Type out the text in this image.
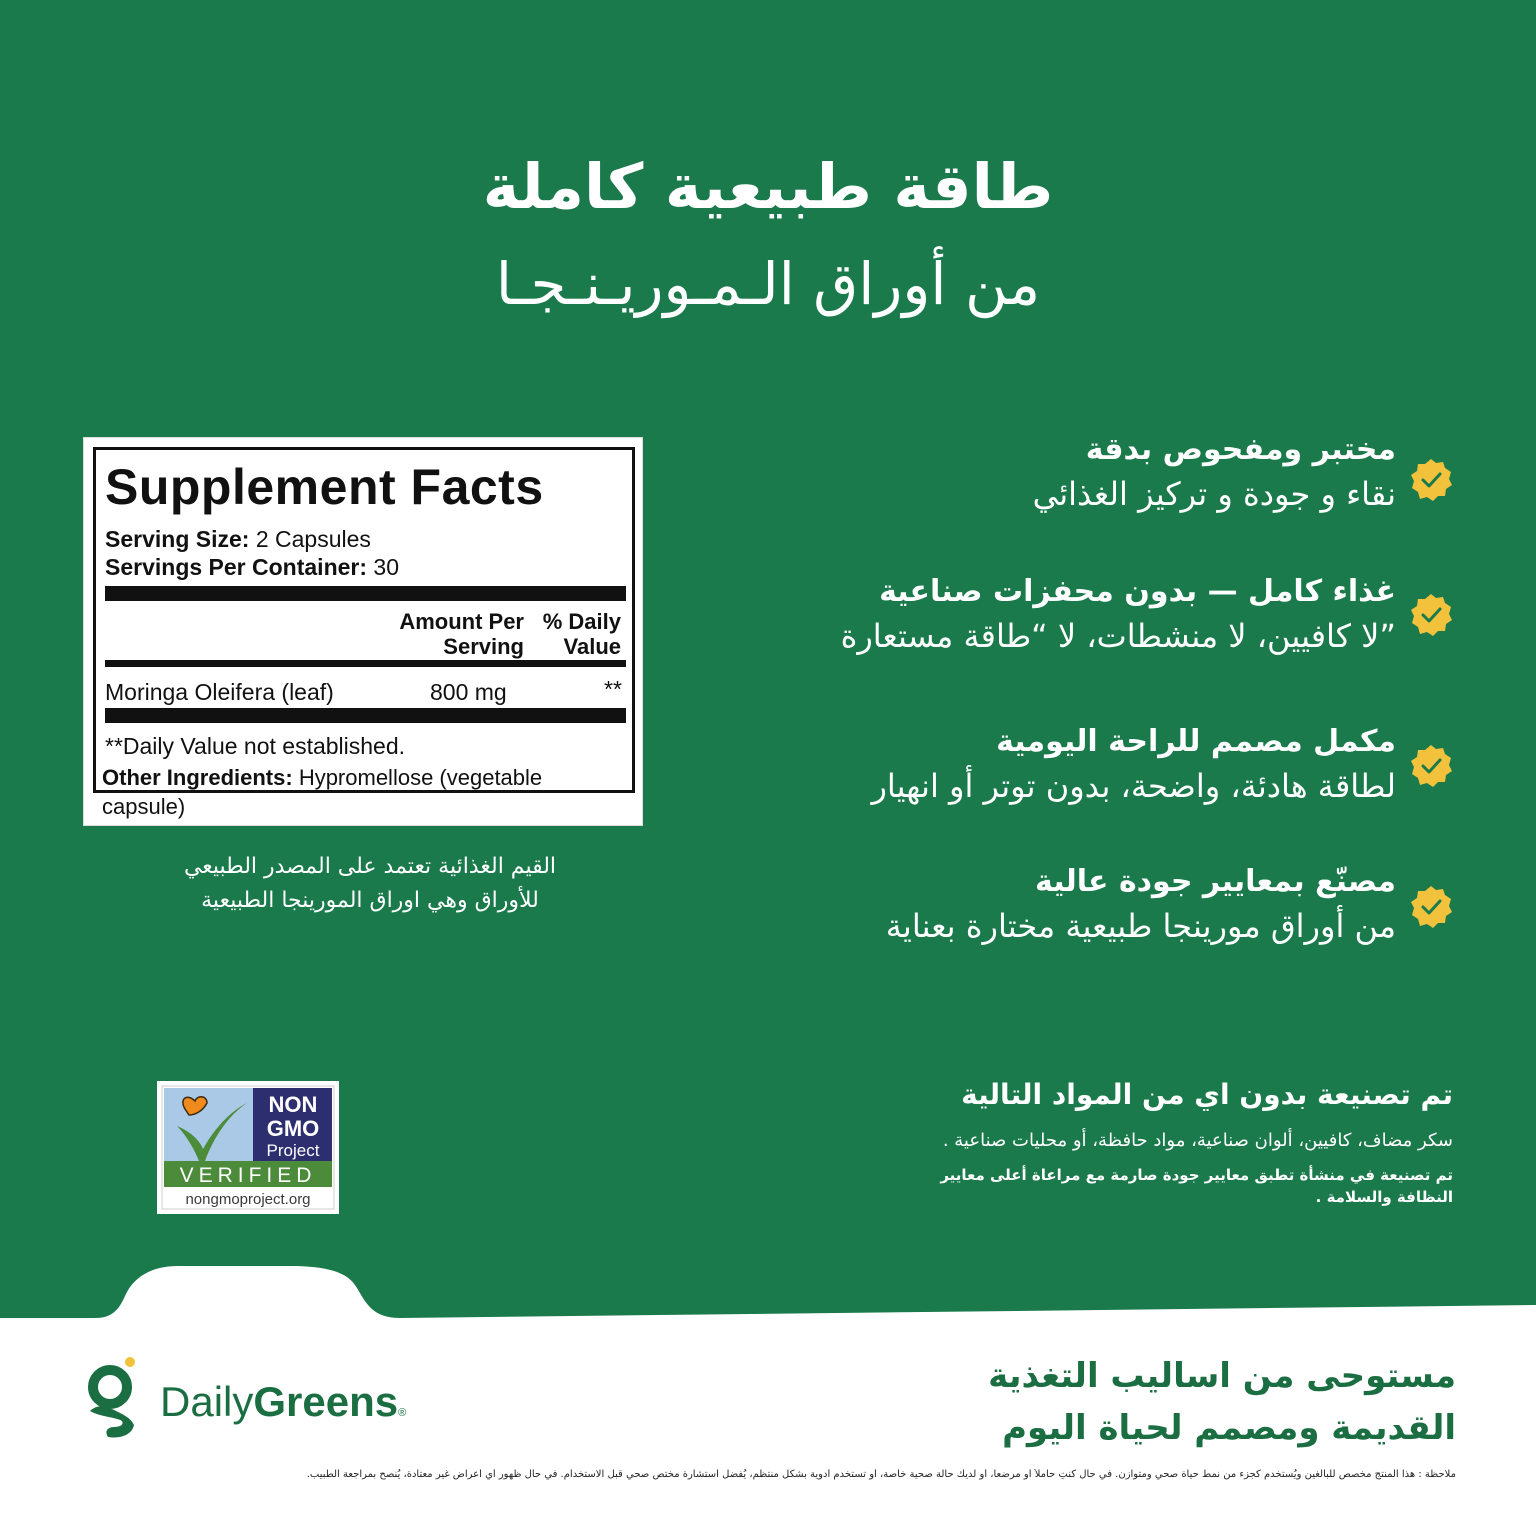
طاقة طبيعية كاملة
من أوراق الـمـوريـنـجـا
مختبر ومفحوص بدقة
نقاء و جودة و تركيز الغذائي
غذاء كامل — بدون محفزات صناعية
”لا كافيين، لا منشطات، لا “طاقة مستعارة
مكمل مصمم للراحة اليومية
لطاقة هادئة، واضحة، بدون توتر أو انهيار
مصنّع بمعايير جودة عالية
من أوراق مورينجا طبيعية مختارة بعناية
Supplement Facts
Serving Size: 2 Capsules
Servings Per Container: 30
Amount Per
Serving
% Daily
Value
Moringa Oleifera (leaf)	800 mg	**
**Daily Value not established.
Other Ingredients: Hypromellose (vegetable capsule)
القيم الغذائية تعتمد على المصدر الطبيعي
للأوراق وهي اوراق المورينجا الطبيعية
NON
GMO
Project
VERIFIED
nongmoproject.org
تم تصنيعة بدون اي من المواد التالية
سكر مضاف، كافيين، ألوان صناعية، مواد حافظة، أو محليات صناعية .
تم تصنيعة في منشأة تطبق معايير جودة صارمة مع مراعاة أعلى معايير النظافة والسلامة .
مستوحى من اساليب التغذية
القديمة ومصمم لحياة اليوم
DailyGreens®
ملاحظة : هذا المنتج مخصص للبالغين ويُستخدم كجزء من نمط حياة صحي ومتوازن. في حال كنتِ حاملاً أو مرضعاً، أو لديك حالة صحية خاصة، أو تستخدم أدوية بشكل منتظم، يُفضل استشارة مختص صحي قبل الاستخدام. في حال ظهور أي أعراض غير معتادة، يُنصح بمراجعة الطبيب.
